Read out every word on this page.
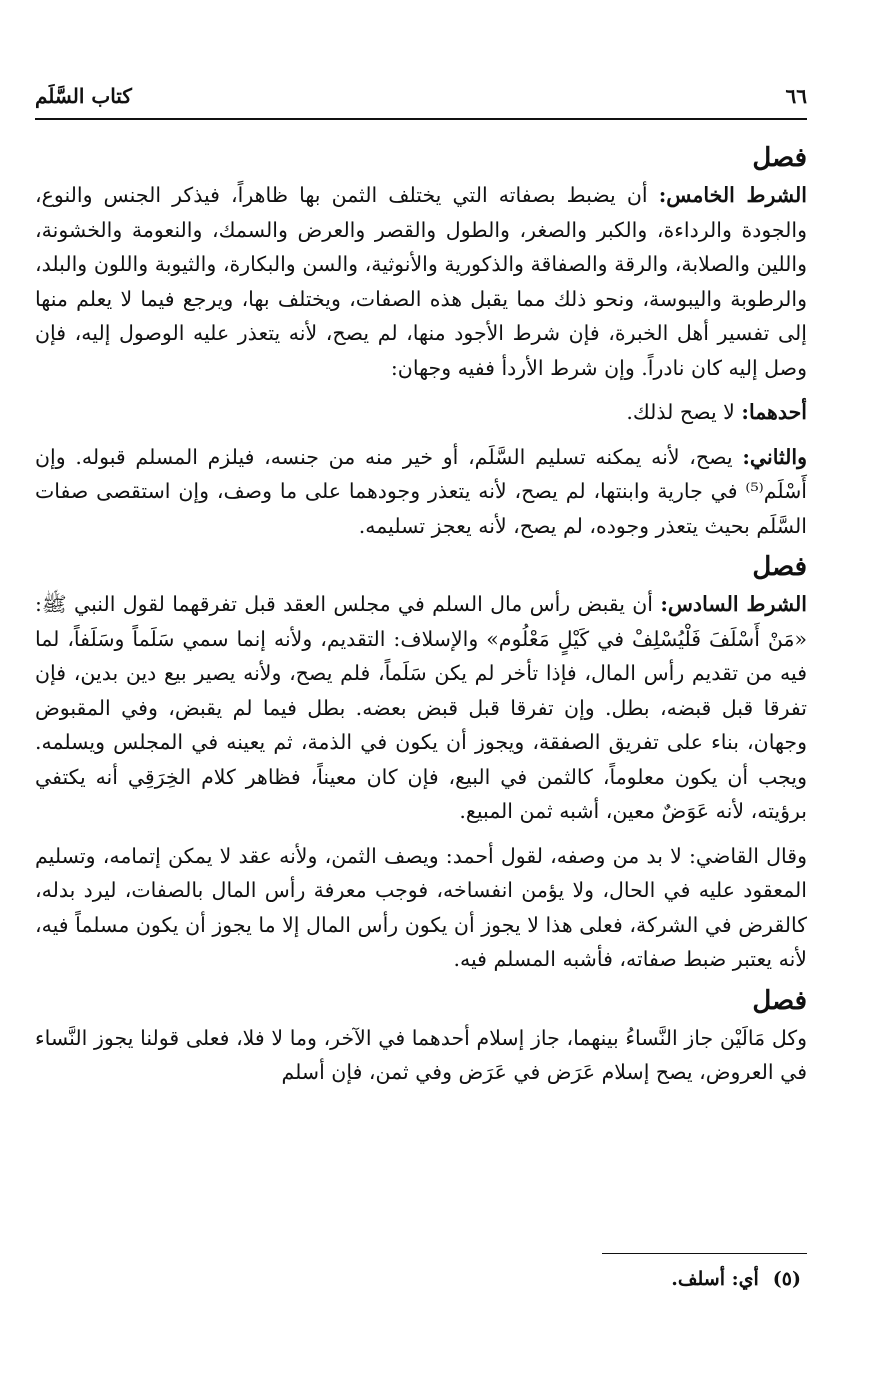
٦٦
كتاب السَّلَم

فصل

الشرط الخامس: أن يضبط بصفاته التي يختلف الثمن بها ظاهراً، فيذكر الجنس والنوع، والجودة والرداءة، والكبر والصغر، والطول والقصر والعرض والسمك، والنعومة والخشونة، واللين والصلابة، والرقة والصفاقة والذكورية والأنوثية، والسن والبكارة، والثيوبة واللون والبلد، والرطوبة واليبوسة، ونحو ذلك مما يقبل هذه الصفات، ويختلف بها، ويرجع فيما لا يعلم منها إلى تفسير أهل الخبرة، فإن شرط الأجود منها، لم يصح، لأنه يتعذر عليه الوصول إليه، فإن وصل إليه كان نادراً. وإن شرط الأردأ ففيه وجهان:

أحدهما: لا يصح لذلك.

والثاني: يصح، لأنه يمكنه تسليم السَّلَم، أو خير منه من جنسه، فيلزم المسلم قبوله. وإن أَسْلَم⁽⁵⁾ في جارية وابنتها، لم يصح، لأنه يتعذر وجودهما على ما وصف، وإن استقصى صفات السَّلَم بحيث يتعذر وجوده، لم يصح، لأنه يعجز تسليمه.

فصل

الشرط السادس: أن يقبض رأس مال السلم في مجلس العقد قبل تفرقهما لقول النبي ﷺ: «مَنْ أَسْلَفَ فَلْيُسْلِفْ في كَيْلٍ مَعْلُوم» والإسلاف: التقديم، ولأنه إنما سمي سَلَماً وسَلَفاً، لما فيه من تقديم رأس المال، فإذا تأخر لم يكن سَلَماً، فلم يصح، ولأنه يصير بيع دين بدين، فإن تفرقا قبل قبضه، بطل. وإن تفرقا قبل قبض بعضه. بطل فيما لم يقبض، وفي المقبوض وجهان، بناء على تفريق الصفقة، ويجوز أن يكون في الذمة، ثم يعينه في المجلس ويسلمه. ويجب أن يكون معلوماً، كالثمن في البيع، فإن كان معيناً، فظاهر كلام الخِرَقِي أنه يكتفي برؤيته، لأنه عَوَضٌ معين، أشبه ثمن المبيع.

وقال القاضي: لا بد من وصفه، لقول أحمد: ويصف الثمن، ولأنه عقد لا يمكن إتمامه، وتسليم المعقود عليه في الحال، ولا يؤمن انفساخه، فوجب معرفة رأس المال بالصفات، ليرد بدله، كالقرض في الشركة، فعلى هذا لا يجوز أن يكون رأس المال إلا ما يجوز أن يكون مسلماً فيه، لأنه يعتبر ضبط صفاته، فأشبه المسلم فيه.

فصل

وكل مَالَيْن جاز النَّساءُ بينهما، جاز إسلام أحدهما في الآخر، وما لا فلا، فعلى قولنا يجوز النَّساء في العروض، يصح إسلام عَرَض في عَرَض وفي ثمن، فإن أسلم

(٥)أي: أسلف.
